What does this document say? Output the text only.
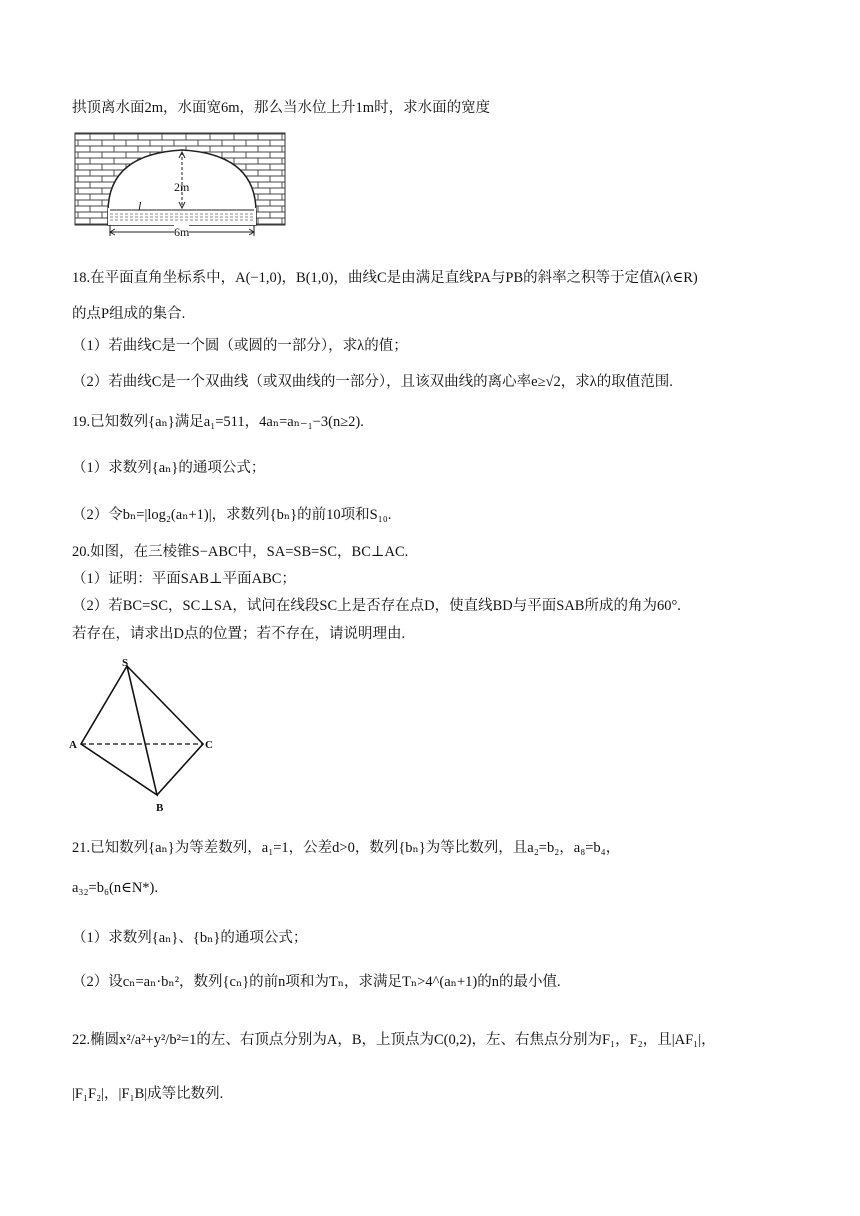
拱顶离水面2m，水面宽6m，那么当水位上升1m时，求水面的宽度
2m
l
6m
18.在平面直角坐标系中，A(−1,0)，B(1,0)，曲线C是由满足直线PA与PB的斜率之积等于定值λ(λ∈R)
的点P组成的集合.
（1）若曲线C是一个圆（或圆的一部分），求λ的值；
（2）若曲线C是一个双曲线（或双曲线的一部分），且该双曲线的离心率e≥√2，求λ的取值范围.
19.已知数列{aₙ}满足a₁=511，4aₙ=aₙ₋₁−3(n≥2).
（1）求数列{aₙ}的通项公式；
（2）令bₙ=|log₂(aₙ+1)|，求数列{bₙ}的前10项和S₁₀.
20.如图，在三棱锥S−ABC中，SA=SB=SC，BC⊥AC.
（1）证明：平面SAB⊥平面ABC；
（2）若BC=SC，SC⊥SA，试问在线段SC上是否存在点D，使直线BD与平面SAB所成的角为60°.
若存在，请求出D点的位置；若不存在，请说明理由.
S
A	C
B
21.已知数列{aₙ}为等差数列，a₁=1，公差d>0，数列{bₙ}为等比数列，且a₂=b₂，a₈=b₄，
a₃₂=b₆(n∈N*).
（1）求数列{aₙ}、{bₙ}的通项公式；
（2）设cₙ=aₙ·bₙ²，数列{cₙ}的前n项和为Tₙ，求满足Tₙ>4^(aₙ+1)的n的最小值.
22.椭圆x²/a²+y²/b²=1的左、右顶点分别为A，B，上顶点为C(0,2)，左、右焦点分别为F₁，F₂，且|AF₁|，
|F₁F₂|，|F₁B|成等比数列.
